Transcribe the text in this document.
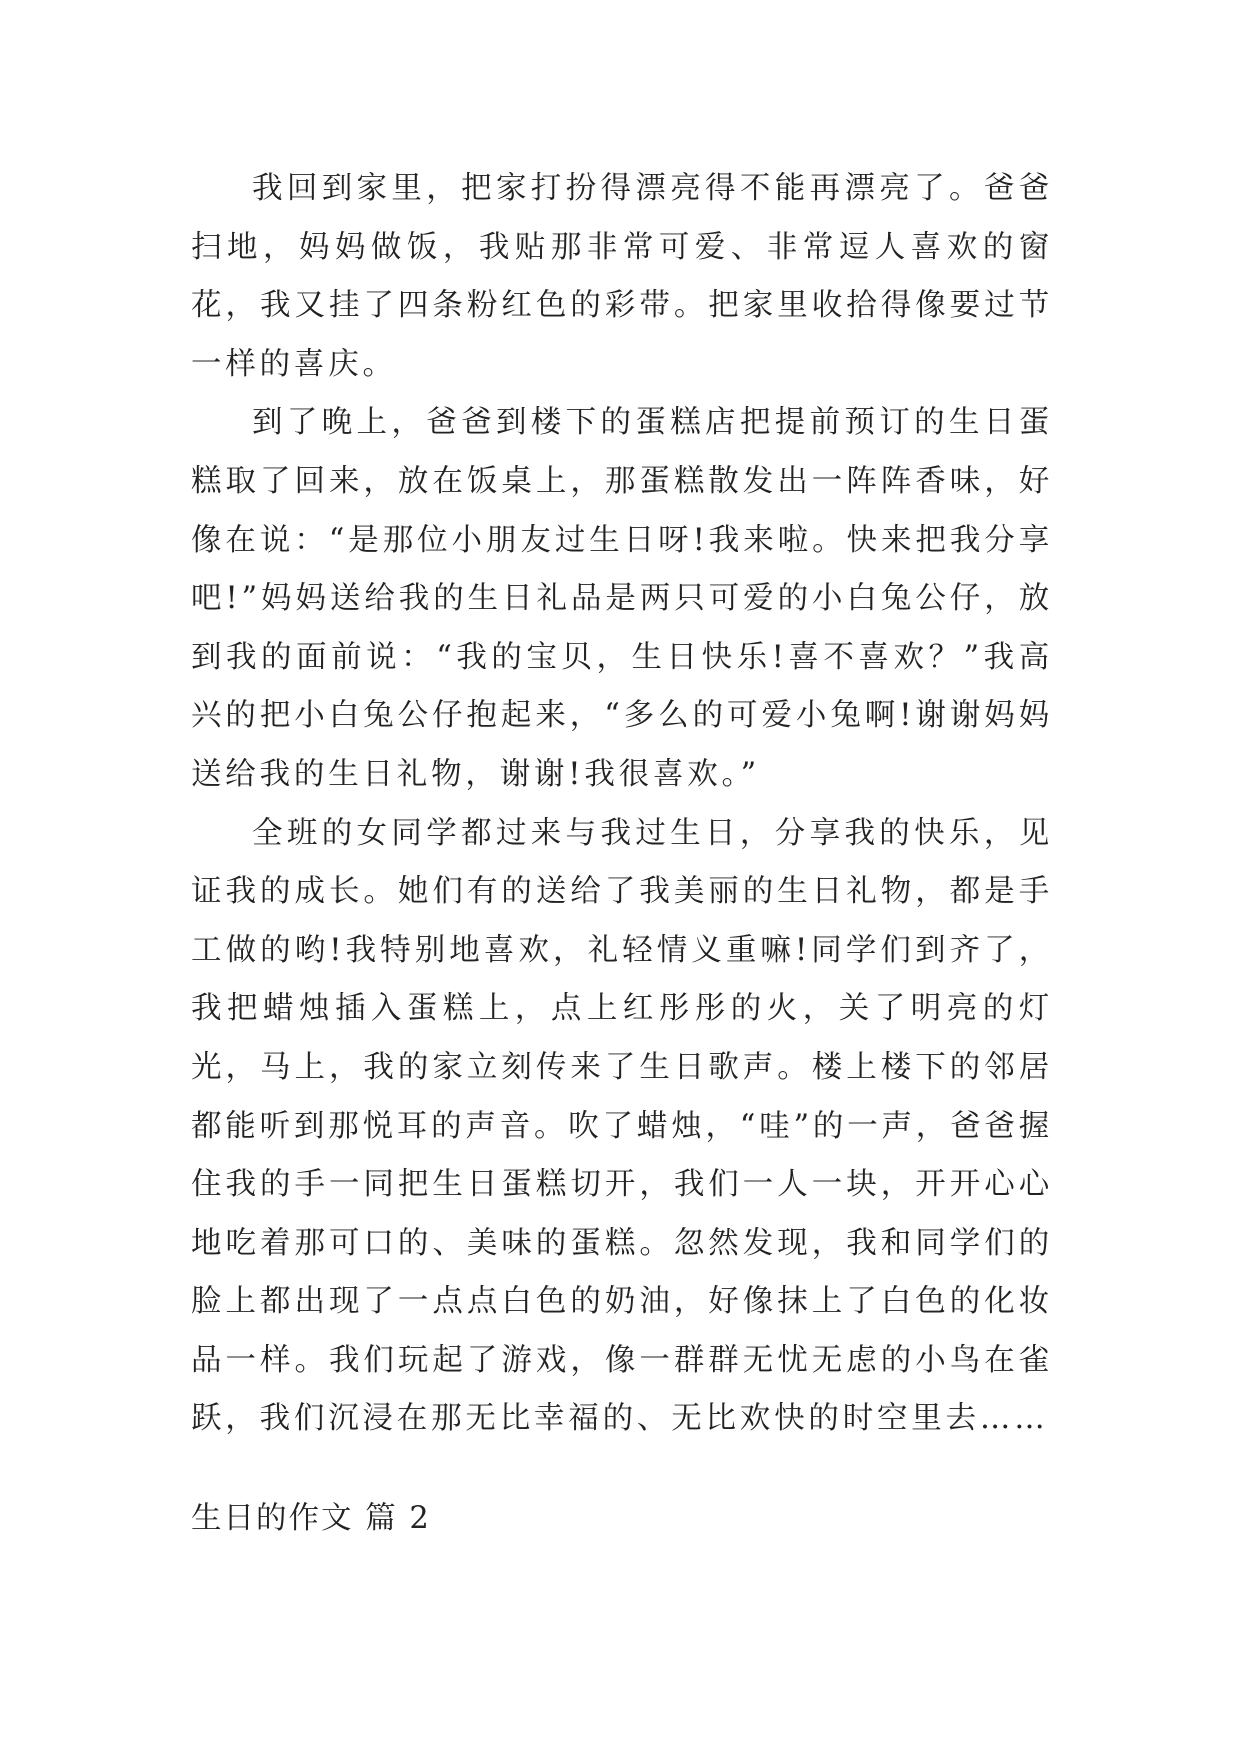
我回到家里，把家打扮得漂亮得不能再漂亮了。爸爸扫地，妈妈做饭，我贴那非常可爱、非常逗人喜欢的窗花，我又挂了四条粉红色的彩带。把家里收拾得像要过节一样的喜庆。

到了晚上，爸爸到楼下的蛋糕店把提前预订的生日蛋糕取了回来，放在饭桌上，那蛋糕散发出一阵阵香味，好像在说：“是那位小朋友过生日呀!我来啦。快来把我分享吧!”妈妈送给我的生日礼品是两只可爱的小白兔公仔，放到我的面前说：“我的宝贝，生日快乐!喜不喜欢？”我高兴的把小白兔公仔抱起来，“多么的可爱小兔啊!谢谢妈妈送给我的生日礼物，谢谢!我很喜欢。”

全班的女同学都过来与我过生日，分享我的快乐，见证我的成长。她们有的送给了我美丽的生日礼物，都是手工做的哟!我特别地喜欢，礼轻情义重嘛!同学们到齐了，我把蜡烛插入蛋糕上，点上红彤彤的火，关了明亮的灯光，马上，我的家立刻传来了生日歌声。楼上楼下的邻居都能听到那悦耳的声音。吹了蜡烛，“哇”的一声，爸爸握住我的手一同把生日蛋糕切开，我们一人一块，开开心心地吃着那可口的、美味的蛋糕。忽然发现，我和同学们的脸上都出现了一点点白色的奶油，好像抹上了白色的化妆品一样。我们玩起了游戏，像一群群无忧无虑的小鸟在雀跃，我们沉浸在那无比幸福的、无比欢快的时空里去……

生日的作文 篇 2
